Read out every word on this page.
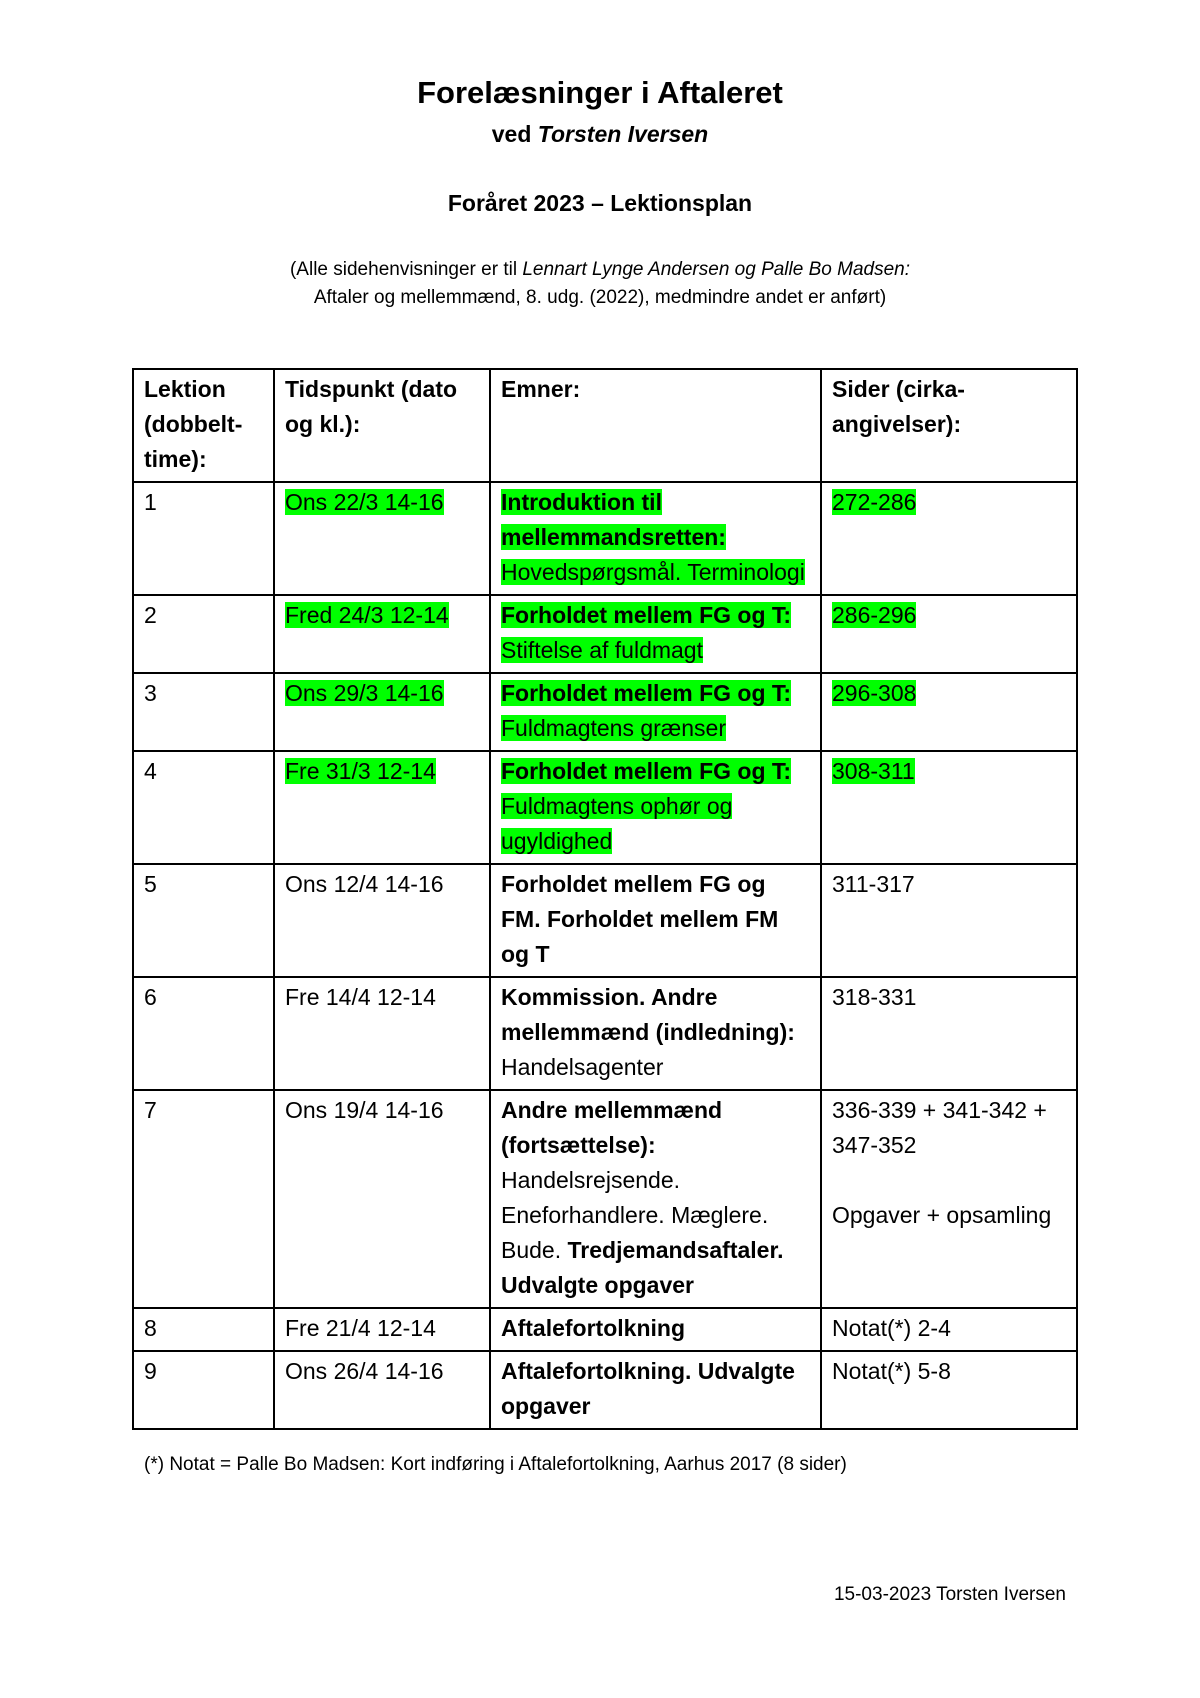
Forelæsninger i Aftaleret
ved Torsten Iversen
Foråret 2023 – Lektionsplan
(Alle sidehenvisninger er til Lennart Lynge Andersen og Palle Bo Madsen:
Aftaler og mellemmænd, 8. udg. (2022), medmindre andet er anført)
Lektion (dobbelt-time):	Tidspunkt (dato og kl.):	Emner:	Sider (cirka-angivelser):
1	Ons 22/3 14-16	Introduktion til mellemmandsretten: Hovedspørgsmål. Terminologi	272-286
2	Fred 24/3 12-14	Forholdet mellem FG og T: Stiftelse af fuldmagt	286-296
3	Ons 29/3 14-16	Forholdet mellem FG og T: Fuldmagtens grænser	296-308
4	Fre 31/3 12-14	Forholdet mellem FG og T: Fuldmagtens ophør og ugyldighed	308-311
5	Ons 12/4 14-16	Forholdet mellem FG og FM. Forholdet mellem FM og T	311-317
6	Fre 14/4 12-14	Kommission. Andre mellemmænd (indledning): Handelsagenter	318-331
7	Ons 19/4 14-16	Andre mellemmænd (fortsættelse): Handelsrejsende. Eneforhandlere. Mæglere. Bude. Tredjemandsaftaler. Udvalgte opgaver	336-339 + 341-342 + 347-352
Opgaver + opsamling

8	Fre 21/4 12-14	Aftalefortolkning	Notat(*) 2-4
9	Ons 26/4 14-16	Aftalefortolkning. Udvalgte opgaver	Notat(*) 5-8
(*) Notat = Palle Bo Madsen: Kort indføring i Aftalefortolkning, Aarhus 2017 (8 sider)
15-03-2023 Torsten Iversen
